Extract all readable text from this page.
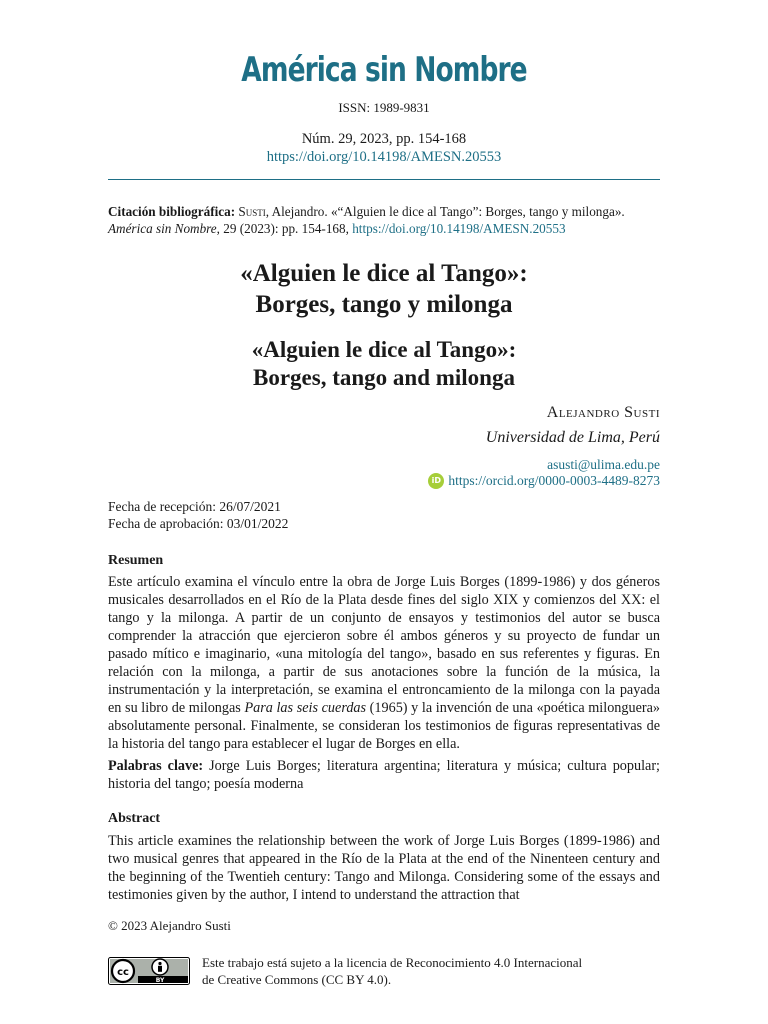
América sin Nombre
ISSN: 1989-9831
Núm. 29, 2023, pp. 154-168
https://doi.org/10.14198/AMESN.20553
Citación bibliográfica: Susti, Alejandro. «“Alguien le dice al Tango”: Borges, tango y milonga».
América sin Nombre, 29 (2023): pp. 154-168, https://doi.org/10.14198/AMESN.20553
«Alguien le dice al Tango»:
Borges, tango y milonga
«Alguien le dice al Tango»:
Borges, tango and milonga
Alejandro Susti
Universidad de Lima, Perú
asusti@ulima.edu.pe
iD https://orcid.org/0000-0003-4489-8273
Fecha de recepción: 26/07/2021
Fecha de aprobación: 03/01/2022
Resumen
Este artículo examina el vínculo entre la obra de Jorge Luis Borges (1899-1986) y dos géneros musicales desarrollados en el Río de la Plata desde fines del siglo XIX y comienzos del XX: el tango y la milonga. A partir de un conjunto de ensayos y testimonios del autor se busca comprender la atracción que ejercieron sobre él ambos géneros y su proyecto de fundar un pasado mítico e imaginario, «una mitología del tango», basado en sus referentes y figuras. En relación con la milonga, a partir de sus anotaciones sobre la función de la música, la instrumentación y la interpretación, se examina el entroncamiento de la milonga con la payada en su libro de milongas Para las seis cuerdas (1965) y la invención de una «poética milonguera» absolutamente personal. Finalmente, se consideran los testimonios de figuras representativas de la historia del tango para establecer el lugar de Borges en ella.
Palabras clave: Jorge Luis Borges; literatura argentina; literatura y música; cultura popular; historia del tango; poesía moderna
Abstract
This article examines the relationship between the work of Jorge Luis Borges (1899-1986) and two musical genres that appeared in the Río de la Plata at the end of the Ninenteen century and the beginning of the Twentieh century: Tango and Milonga. Considering some of the essays and testimonies given by the author, I intend to understand the attraction that
© 2023 Alejandro Susti
cc
BY
Este trabajo está sujeto a la licencia de Reconocimiento 4.0 Internacional
de Creative Commons (CC BY 4.0).
